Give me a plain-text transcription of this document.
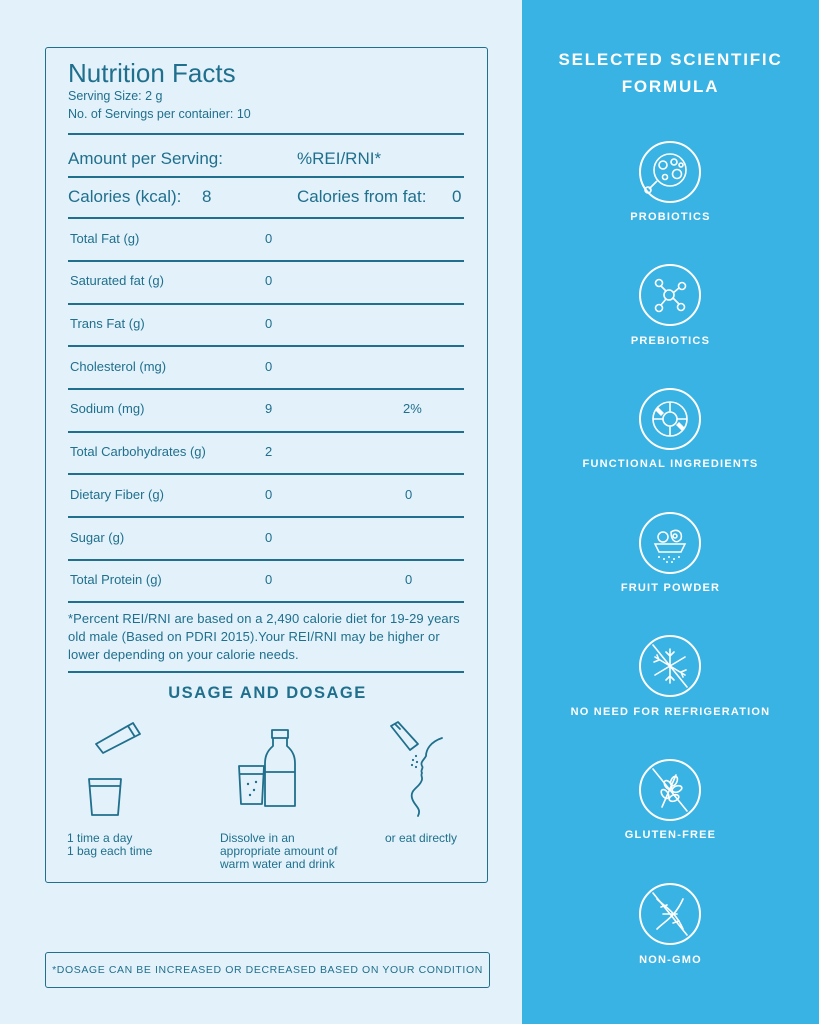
Nutrition Facts
Serving Size: 2 g
No. of Servings per container: 10
Amount per Serving:	%REI/RNI*
Calories (kcal): 8	Calories from fat: 0
Total Fat (g)	0
Saturated fat (g)	0
Trans Fat (g)	0
Cholesterol (mg)	0
Sodium (mg)	9	2%
Total Carbohydrates (g)	2
Dietary Fiber (g)	0	0
Sugar (g)	0
Total Protein (g)	0	0
*Percent REI/RNI are based on a 2,490 calorie diet for 19-29 years old male (Based on PDRI 2015).Your REI/RNI may be higher or lower depending on your calorie needs.
USAGE AND DOSAGE
1 time a day
1 bag each time
Dissolve in an
appropriate amount of
warm water and drink
or eat directly
*DOSAGE CAN BE INCREASED OR DECREASED BASED ON YOUR CONDITION
SELECTED SCIENTIFIC
FORMULA
PROBIOTICS
PREBIOTICS
FUNCTIONAL INGREDIENTS
FRUIT POWDER
NO NEED FOR REFRIGERATION
GLUTEN-FREE
NON-GMO
